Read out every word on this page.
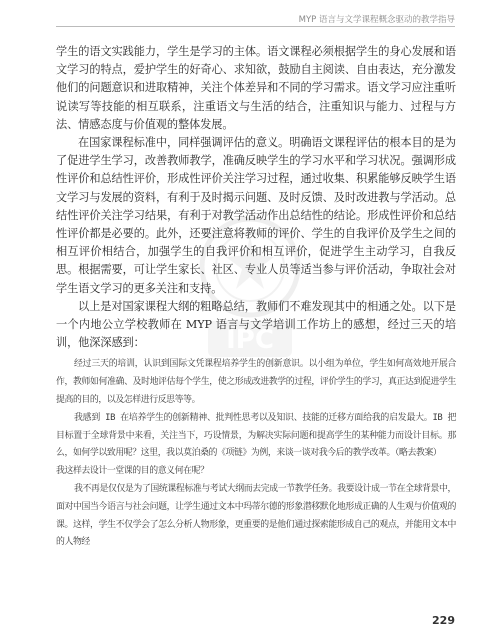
MYP 语言与文学课程概念驱动的教学指导
IPC

学生的语文实践能力，学生是学习的主体。语文课程必须根据学生的身心发展和语文学习的特点，爱护学生的好奇心、求知欲，鼓励自主阅读、自由表达，充分激发他们的问题意识和进取精神，关注个体差异和不同的学习需求。语文学习应注重听说读写等技能的相互联系，注重语文与生活的结合，注重知识与能力、过程与方法、情感态度与价值观的整体发展。

在国家课程标准中，同样强调评估的意义。明确语文课程评估的根本目的是为了促进学生学习，改善教师教学，准确反映学生的学习水平和学习状况。强调形成性评价和总结性评价，形成性评价关注学习过程，通过收集、积累能够反映学生语文学习与发展的资料，有利于及时揭示问题、及时反馈、及时改进教与学活动。总结性评价关注学习结果，有利于对教学活动作出总结性的结论。形成性评价和总结性评价都是必要的。此外，还要注意将教师的评价、学生的自我评价及学生之间的相互评价相结合，加强学生的自我评价和相互评价，促进学生主动学习，自我反思。根据需要，可让学生家长、社区、专业人员等适当参与评价活动，争取社会对学生语文学习的更多关注和支持。

以上是对国家课程大纲的粗略总结，教师们不难发现其中的相通之处。以下是一个内地公立学校教师在 MYP 语言与文学培训工作坊上的感想，经过三天的培训，他深深感到：

经过三天的培训，认识到国际文凭课程培养学生的创新意识。以小组为单位，学生如何高效地开展合作，教师如何准确、及时地评估每个学生，使之形成改进教学的过程，评价学生的学习，真正达到促进学生提高的目的，以及怎样进行反思等等。
我感到 IB 在培养学生的创新精神、批判性思考以及知识、技能的迁移方面给我的启发最大。IB 把目标置于全球背景中来看，关注当下，巧设情景，为解决实际问题和提高学生的某种能力而设计目标。那么，如何学以致用呢？这里，我以莫泊桑的《项链》为例，来谈一谈对我今后的教学改革。（略去教案）
我这样去设计一堂课的目的意义何在呢？
我不再是仅仅是为了国统课程标准与考试大纲而去完成一节教学任务。我要设计成一节在全球背景中，面对中国当今语言与社会问题，让学生通过文本中玛蒂尔德的形象潜移默化地形成正确的人生观与价值观的课。这样，学生不仅学会了怎么分析人物形象，更重要的是他们通过探索能形成自己的观点，并能用文本中的人物经
229
